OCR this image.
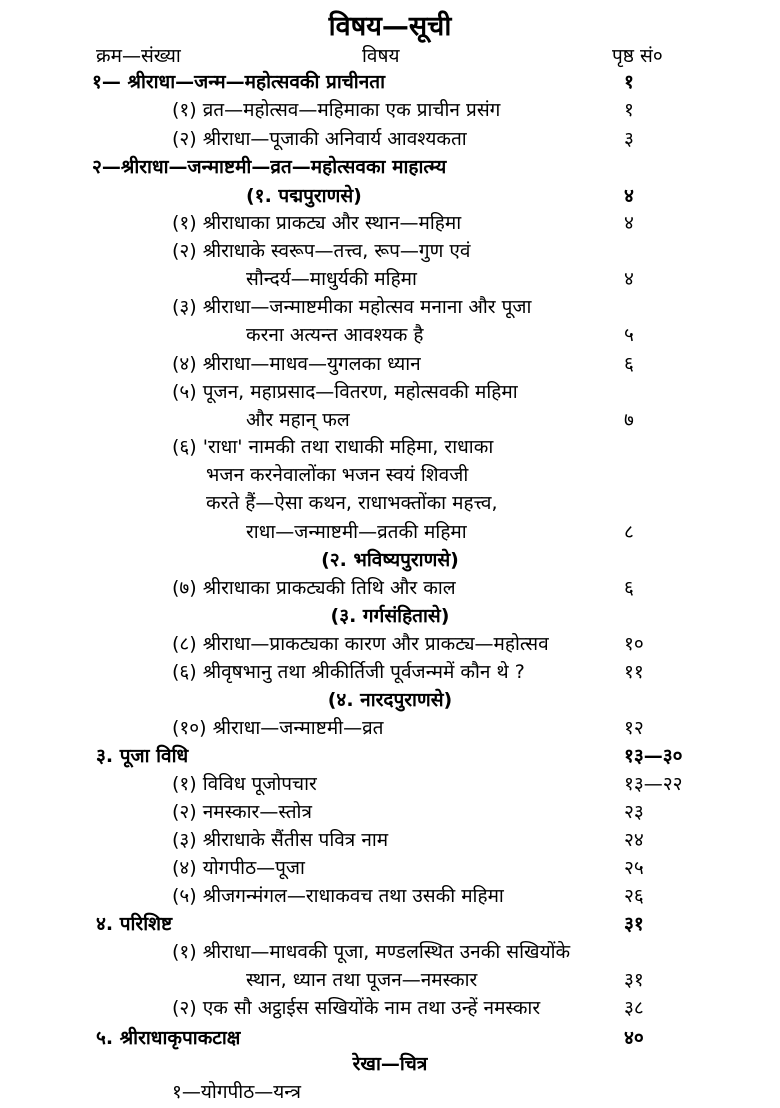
विषय—सूची
क्रम—संख्या	विषय	पृष्ठ सं०
१— श्रीराधा—जन्म—महोत्सवकी प्राचीनता	१
(१) व्रत—महोत्सव—महिमाका एक प्राचीन प्रसंग	१
(२) श्रीराधा—पूजाकी अनिवार्य आवश्यकता	३
२—श्रीराधा—जन्माष्टमी—व्रत—महोत्सवका माहात्म्य
(१. पद्मपुराणसे)	४
(१) श्रीराधाका प्राकट्य और स्थान—महिमा	४
(२) श्रीराधाके स्वरूप—तत्त्व, रूप—गुण एवं
सौन्दर्य—माधुर्यकी महिमा	४
(३) श्रीराधा—जन्माष्टमीका महोत्सव मनाना और पूजा
करना अत्यन्त आवश्यक है	५
(४) श्रीराधा—माधव—युगलका ध्यान	६
(५) पूजन, महाप्रसाद—वितरण, महोत्सवकी महिमा
और महान् फल	७
(६) 'राधा' नामकी तथा राधाकी महिमा, राधाका
भजन करनेवालोंका भजन स्वयं शिवजी
करते हैं—ऐसा कथन, राधाभक्तोंका महत्त्व,
राधा—जन्माष्टमी—व्रतकी महिमा	८
(२. भविष्यपुराणसे)
(७) श्रीराधाका प्राकट्यकी तिथि और काल	६
(३. गर्गसंहितासे)
(८) श्रीराधा—प्राकट्यका कारण और प्राकट्य—महोत्सव	१०
(६) श्रीवृषभानु तथा श्रीकीर्तिजी पूर्वजन्ममें कौन थे ?	११
(४. नारदपुराणसे)
(१०) श्रीराधा—जन्माष्टमी—व्रत	१२
३. पूजा विधि	१३—३०
(१) विविध पूजोपचार	१३—२२
(२) नमस्कार—स्तोत्र	२३
(३) श्रीराधाके सैंतीस पवित्र नाम	२४
(४) योगपीठ—पूजा	२५
(५) श्रीजगन्मंगल—राधाकवच तथा उसकी महिमा	२६
४. परिशिष्ट	३१
(१) श्रीराधा—माधवकी पूजा, मण्डलस्थित उनकी सखियोंके
स्थान, ध्यान तथा पूजन—नमस्कार	३१
(२) एक सौ अट्ठाईस सखियोंके नाम तथा उन्हें नमस्कार	३८
५. श्रीराधाकृपाकटाक्ष	४०
रेखा—चित्र
१—योगपीठ—यन्त्र
